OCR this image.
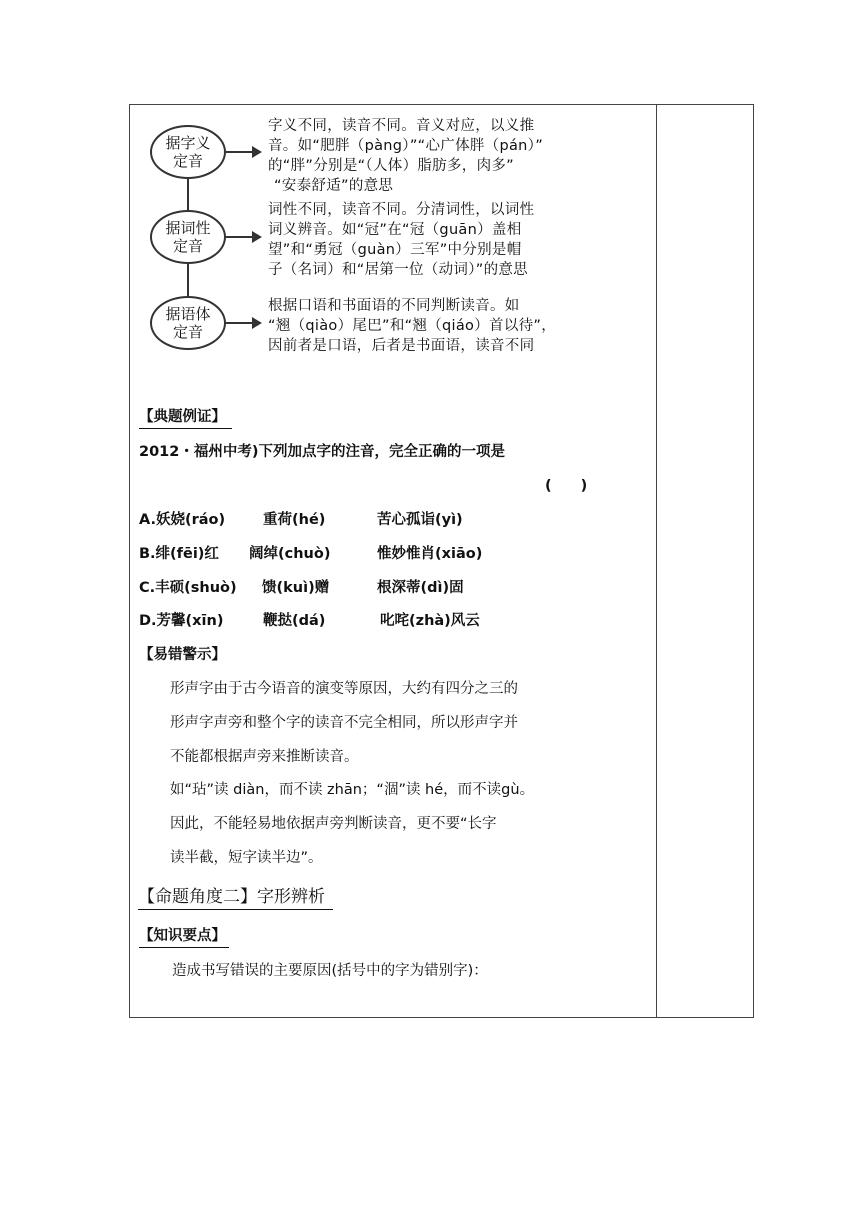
据字义
定音
据词性
定音
据语体
定音
字义不同，读音不同。音义对应，以义推
音。如“肥胖（pàng）”“心广体胖（pán）”
的“胖”分别是“（人体）脂肪多，肉多”
“安泰舒适”的意思
词性不同，读音不同。分清词性，以词性
词义辨音。如“冠”在“冠（guān）盖相
望”和“勇冠（guàn）三军”中分别是帽
子（名词）和“居第一位（动词）”的意思
根据口语和书面语的不同判断读音。如
“翘（qiào）尾巴”和“翘（qiáo）首以待”，
因前者是口语，后者是书面语，读音不同
【典题例证】
2012・福州中考)下列加点字的注音，完全正确的一项是
(　　)
A.妖娆(ráo)	重荷(hé)	苦心孤诣(yì)
B.绯(fēi)红 阔绰(chuò)	惟妙惟肖(xiāo)
C.丰硕(shuò) 馈(kuì)赠	根深蒂(dì)固
D.芳馨(xīn)	鞭挞(dá)	叱咤(zhà)风云
【易错警示】
形声字由于古今语音的演变等原因，大约有四分之三的
形声字声旁和整个字的读音不完全相同，所以形声字并
不能都根据声旁来推断读音。
如“玷”读 diàn，而不读 zhān；“涸”读 hé，而不读gù。
因此，不能轻易地依据声旁判断读音，更不要“长字
读半截，短字读半边”。
【命题角度二】字形辨析
【知识要点】
造成书写错误的主要原因(括号中的字为错别字)：
